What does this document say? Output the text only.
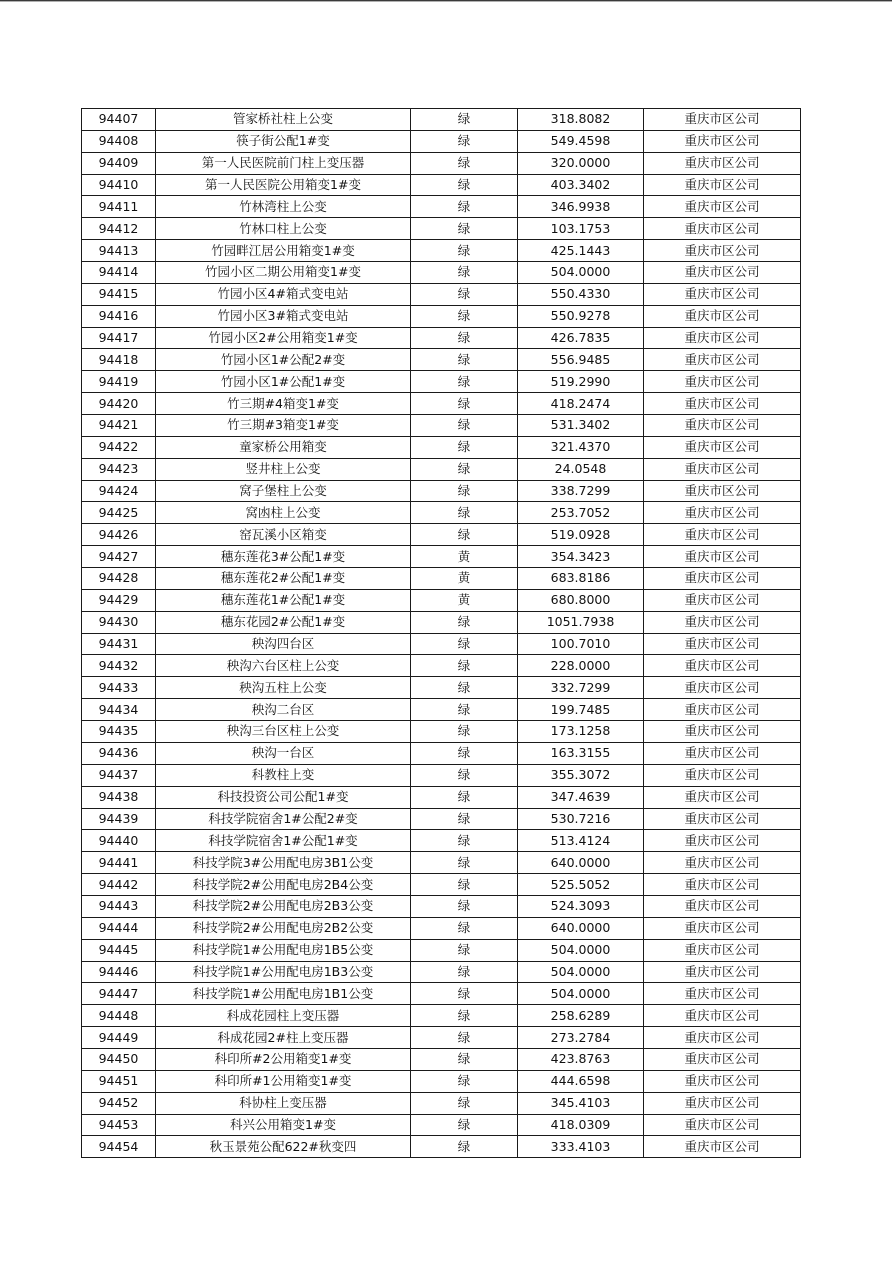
94407	管家桥社柱上公变	绿	318.8082	重庆市区公司
94408	筷子街公配1#变	绿	549.4598	重庆市区公司
94409	第一人民医院前门柱上变压器	绿	320.0000	重庆市区公司
94410	第一人民医院公用箱变1#变	绿	403.3402	重庆市区公司
94411	竹林湾柱上公变	绿	346.9938	重庆市区公司
94412	竹林口柱上公变	绿	103.1753	重庆市区公司
94413	竹园畔江居公用箱变1#变	绿	425.1443	重庆市区公司
94414	竹园小区二期公用箱变1#变	绿	504.0000	重庆市区公司
94415	竹园小区4#箱式变电站	绿	550.4330	重庆市区公司
94416	竹园小区3#箱式变电站	绿	550.9278	重庆市区公司
94417	竹园小区2#公用箱变1#变	绿	426.7835	重庆市区公司
94418	竹园小区1#公配2#变	绿	556.9485	重庆市区公司
94419	竹园小区1#公配1#变	绿	519.2990	重庆市区公司
94420	竹三期#4箱变1#变	绿	418.2474	重庆市区公司
94421	竹三期#3箱变1#变	绿	531.3402	重庆市区公司
94422	童家桥公用箱变	绿	321.4370	重庆市区公司
94423	竖井柱上公变	绿	24.0548	重庆市区公司
94424	窝子堡柱上公变	绿	338.7299	重庆市区公司
94425	窝凼柱上公变	绿	253.7052	重庆市区公司
94426	窑瓦溪小区箱变	绿	519.0928	重庆市区公司
94427	穗东莲花3#公配1#变	黄	354.3423	重庆市区公司
94428	穗东莲花2#公配1#变	黄	683.8186	重庆市区公司
94429	穗东莲花1#公配1#变	黄	680.8000	重庆市区公司
94430	穗东花园2#公配1#变	绿	1051.7938	重庆市区公司
94431	秧沟四台区	绿	100.7010	重庆市区公司
94432	秧沟六台区柱上公变	绿	228.0000	重庆市区公司
94433	秧沟五柱上公变	绿	332.7299	重庆市区公司
94434	秧沟二台区	绿	199.7485	重庆市区公司
94435	秧沟三台区柱上公变	绿	173.1258	重庆市区公司
94436	秧沟一台区	绿	163.3155	重庆市区公司
94437	科教柱上变	绿	355.3072	重庆市区公司
94438	科技投资公司公配1#变	绿	347.4639	重庆市区公司
94439	科技学院宿舍1#公配2#变	绿	530.7216	重庆市区公司
94440	科技学院宿舍1#公配1#变	绿	513.4124	重庆市区公司
94441	科技学院3#公用配电房3B1公变	绿	640.0000	重庆市区公司
94442	科技学院2#公用配电房2B4公变	绿	525.5052	重庆市区公司
94443	科技学院2#公用配电房2B3公变	绿	524.3093	重庆市区公司
94444	科技学院2#公用配电房2B2公变	绿	640.0000	重庆市区公司
94445	科技学院1#公用配电房1B5公变	绿	504.0000	重庆市区公司
94446	科技学院1#公用配电房1B3公变	绿	504.0000	重庆市区公司
94447	科技学院1#公用配电房1B1公变	绿	504.0000	重庆市区公司
94448	科成花园柱上变压器	绿	258.6289	重庆市区公司
94449	科成花园2#柱上变压器	绿	273.2784	重庆市区公司
94450	科印所#2公用箱变1#变	绿	423.8763	重庆市区公司
94451	科印所#1公用箱变1#变	绿	444.6598	重庆市区公司
94452	科协柱上变压器	绿	345.4103	重庆市区公司
94453	科兴公用箱变1#变	绿	418.0309	重庆市区公司
94454	秋玉景苑公配622#秋变四	绿	333.4103	重庆市区公司
